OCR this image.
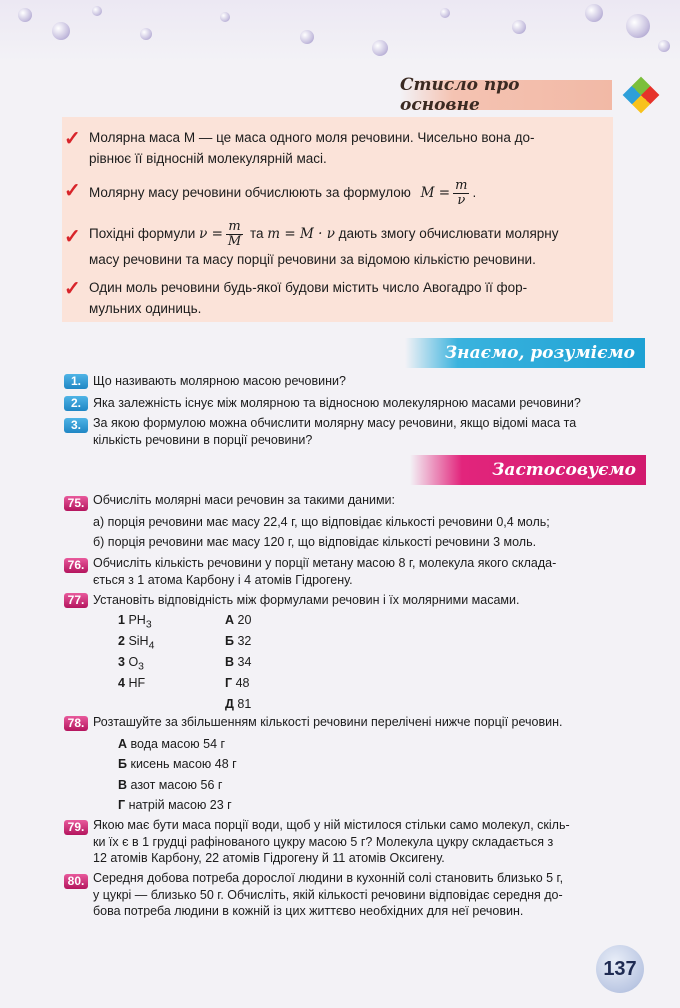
Стисло про основне
✓ Молярна маса M — це маса одного моля речовини. Чисельно вона до-
рівнює її відносній молекулярній масі.
✓ Молярну масу речовини обчислюють за формулою $M = \frac{m}{\nu}$ .
✓ Похідні формули $\nu = \frac{m}{M}$ та m = M · ν дають змогу обчислювати молярну
масу речовини та масу порції речовини за відомою кількістю речовини.
✓ Один моль речовини будь-якої будови містить число Авогадро її фор-
мульних одиниць.
Знаємо, розуміємо
1. Що називають молярною масою речовини?
2. Яка залежність існує між молярною та відносною молекулярною масами речовини?
3. За якою формулою можна обчислити молярну масу речовини, якщо відомі маса та
кількість речовини в порції речовини?
Застосовуємо
75. Обчисліть молярні маси речовин за такими даними:
а) порція речовини має масу 22,4 г, що відповідає кількості речовини 0,4 моль;
б) порція речовини має масу 120 г, що відповідає кількості речовини 3 моль.
76. Обчисліть кількість речовини у порції метану масою 8 г, молекула якого склада-
ється з 1 атома Карбону і 4 атомів Гідрогену.
77. Установіть відповідність між формулами речовин і їх молярними масами.
1 $PH_3$
2 SiH$_4$
3 $O_3$
4 HF
А 20
Б 32
В 34
Г 48
Д 81
78. Розташуйте за збільшенням кількості речовини перелічені нижче порції речовин.
А вода масою 54 г
Б кисень масою 48 г
В азот масою 56 г
Г натрій масою 23 г
79. Якою має бути маса порції води, щоб у ній містилося стільки само молекул, скіль-
ки їх є в 1 грудці рафінованого цукру масою 5 г? Молекула цукру складається з
12 атомів Карбону, 22 атомів Гідрогену й 11 атомів Оксигену.
80. Середня добова потреба дорослої людини в кухонній солі становить близько 5 г,
у цукрі — близько 50 г. Обчисліть, якій кількості речовини відповідає середня до-
бова потреба людини в кожній із цих життєво необхідних для неї речовин.
137
